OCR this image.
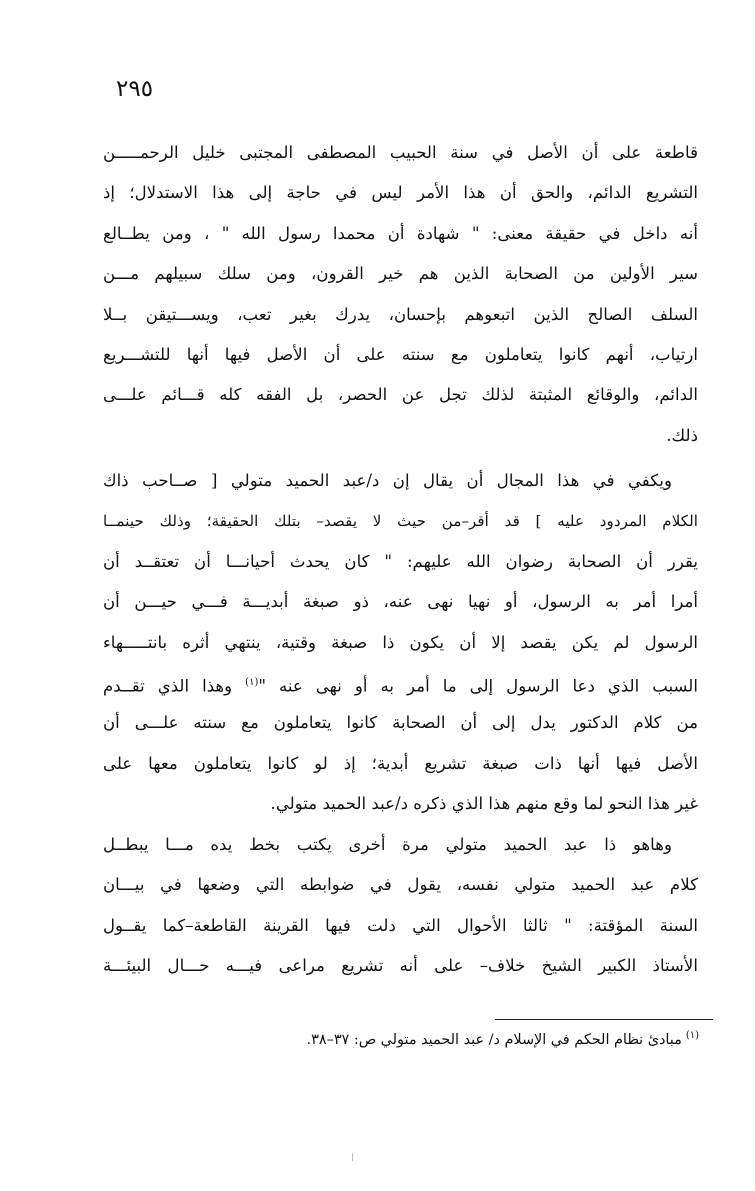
٢٩٥
قاطعة على أن الأصل في سنة الحبيب المصطفى المجتبى خليل الرحمـــــن
التشريع الدائم، والحق أن هذا الأمر ليس في حاجة إلى هذا الاستدلال؛ إذ
أنه داخل في حقيقة معنى: " شهادة أن محمدا رسول الله " ، ومن يطــالع
سير الأولين من الصحابة الذين هم خير القرون، ومن سلك سبيلهم مـــن
السلف الصالح الذين اتبعوهم بإحسان، يدرك بغير تعب، ويســـتيقن بــلا
ارتياب، أنهم كانوا يتعاملون مع سنته على أن الأصل فيها أنها للتشـــريع
الدائم، والوقائع المثبتة لذلك تجل عن الحصر، بل الفقه كله قـــائم علـــى
ذلك.
ويكفي في هذا المجال أن يقال إن د/عبد الحميد متولي [ صــاحب ذاك
الكلام المردود عليه ] قد أقر–من حيث لا يقصد– بتلك الحقيقة؛ وذلك حينمــا
يقرر أن الصحابة رضوان الله عليهم: " كان يحدث أحيانـــا أن تعتقــد أن
أمرا أمر به الرسول، أو نهيا نهى عنه، ذو صبغة أبديـــة فـــي حيـــن أن
الرسول لم يكن يقصد إلا أن يكون ذا صبغة وقتية، ينتهي أثره بانتـــــهاء
السبب الذي دعا الرسول إلى ما أمر به أو نهى عنه "$^{(١)}$ وهذا الذي تقــدم
من كلام الدكتور يدل إلى أن الصحابة كانوا يتعاملون مع سنته علـــى أن
الأصل فيها أنها ذات صبغة تشريع أبدية؛ إذ لو كانوا يتعاملون معها على
غير هذا النحو لما وقع منهم هذا الذي ذكره د/عبد الحميد متولي.
وهاهو ذا عبد الحميد متولي مرة أخرى يكتب بخط يده مـــا يبطــل
كلام عبد الحميد متولي نفسه، يقول في ضوابطه التي وضعها في بيـــان
السنة المؤقتة: " ثالثا الأحوال التي دلت فيها القرينة القاطعة–كما يقــول
الأستاذ الكبير الشيخ خلاف– على أنه تشريع مراعى فيـــه حـــال البيئـــة
$^{(١)}$مبادئ نظام الحكم في الإسلام د/ عبد الحميد متولي ص: ٣٧–٣٨.
